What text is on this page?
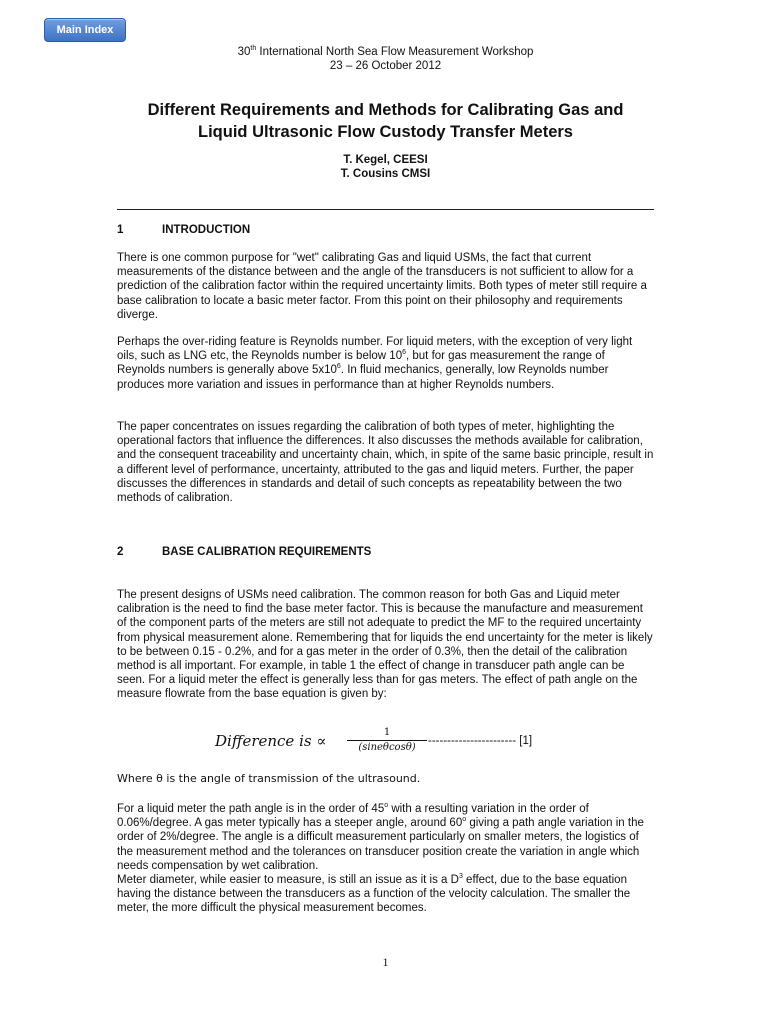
Main Index
30th International North Sea Flow Measurement Workshop
23 – 26 October 2012
Different Requirements and Methods for Calibrating Gas and
Liquid Ultrasonic Flow Custody Transfer Meters
T. Kegel, CEESI
T. Cousins CMSI
1	INTRODUCTION

There is one common purpose for "wet" calibrating Gas and liquid USMs, the fact that current measurements of the distance between and the angle of the transducers is not sufficient to allow for a prediction of the calibration factor within the required uncertainty limits. Both types of meter still require a base calibration to locate a basic meter factor. From this point on their philosophy and requirements diverge.

Perhaps the over-riding feature is Reynolds number. For liquid meters, with the exception of very light oils, such as LNG etc, the Reynolds number is below $10^6$, but for gas measurement the range of Reynolds numbers is generally above $5x10^6$. In fluid mechanics, generally, low Reynolds number produces more variation and issues in performance than at higher Reynolds numbers.

The paper concentrates on issues regarding the calibration of both types of meter, highlighting the operational factors that influence the differences. It also discusses the methods available for calibration, and the consequent traceability and uncertainty chain, which, in spite of the same basic principle, result in a different level of performance, uncertainty, attributed to the gas and liquid meters. Further, the paper discusses the differences in standards and detail of such concepts as repeatability between the two methods of calibration.

2	BASE CALIBRATION REQUIREMENTS

The present designs of USMs need calibration. The common reason for both Gas and Liquid meter calibration is the need to find the base meter factor. This is because the manufacture and measurement of the component parts of the meters are still not adequate to predict the MF to the required uncertainty from physical measurement alone. Remembering that for liquids the end uncertainty for the meter is likely to be between 0.15 - 0.2%, and for a gas meter in the order of 0.3%, then the detail of the calibration method is all important. For example, in table 1 the effect of change in transducer path angle can be seen. For a liquid meter the effect is generally less than for gas meters. The effect of path angle on the measure flowrate from the base equation is given by:

Difference is ∝	1
(sineθcosθ)
----------------------- [1]
Where θ is the angle of transmission of the ultrasound.

For a liquid meter the path angle is in the order of 45$^o$ with a resulting variation in the order of 0.06%/degree. A gas meter typically has a steeper angle, around 60$^o$ giving a path angle variation in the order of 2%/degree. The angle is a difficult measurement particularly on smaller meters, the logistics of the measurement method and the tolerances on transducer position create the variation in angle which needs compensation by wet calibration.
Meter diameter, while easier to measure, is still an issue as it is a $D^3$ effect, due to the base equation having the distance between the transducers as a function of the velocity calculation. The smaller the meter, the more difficult the physical measurement becomes.

1
